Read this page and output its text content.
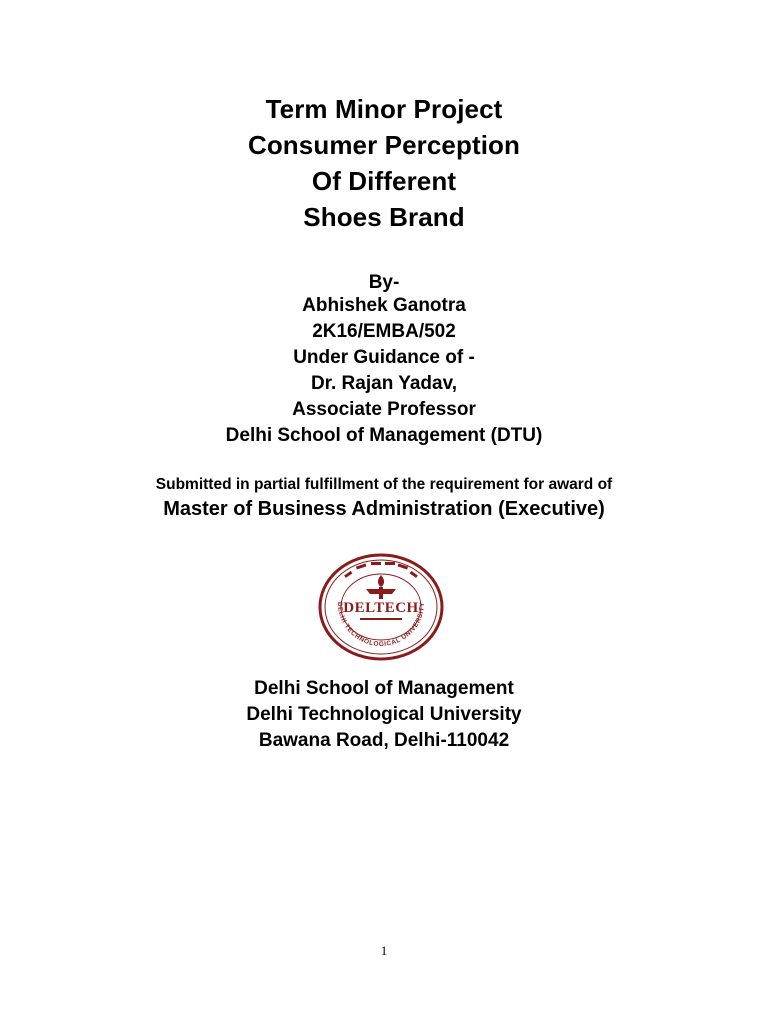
Term Minor Project
Consumer Perception
Of Different
Shoes Brand
By-
Abhishek Ganotra
2K16/EMBA/502
Under Guidance of -
Dr. Rajan Yadav,
Associate Professor
Delhi School of Management (DTU)
Submitted in partial fulfillment of the requirement for award of
Master of Business Administration (Executive)
DELTECH
DELHI TECHNOLOGICAL UNIVERSITY
Delhi School of Management
Delhi Technological University
Bawana Road, Delhi-110042
1
